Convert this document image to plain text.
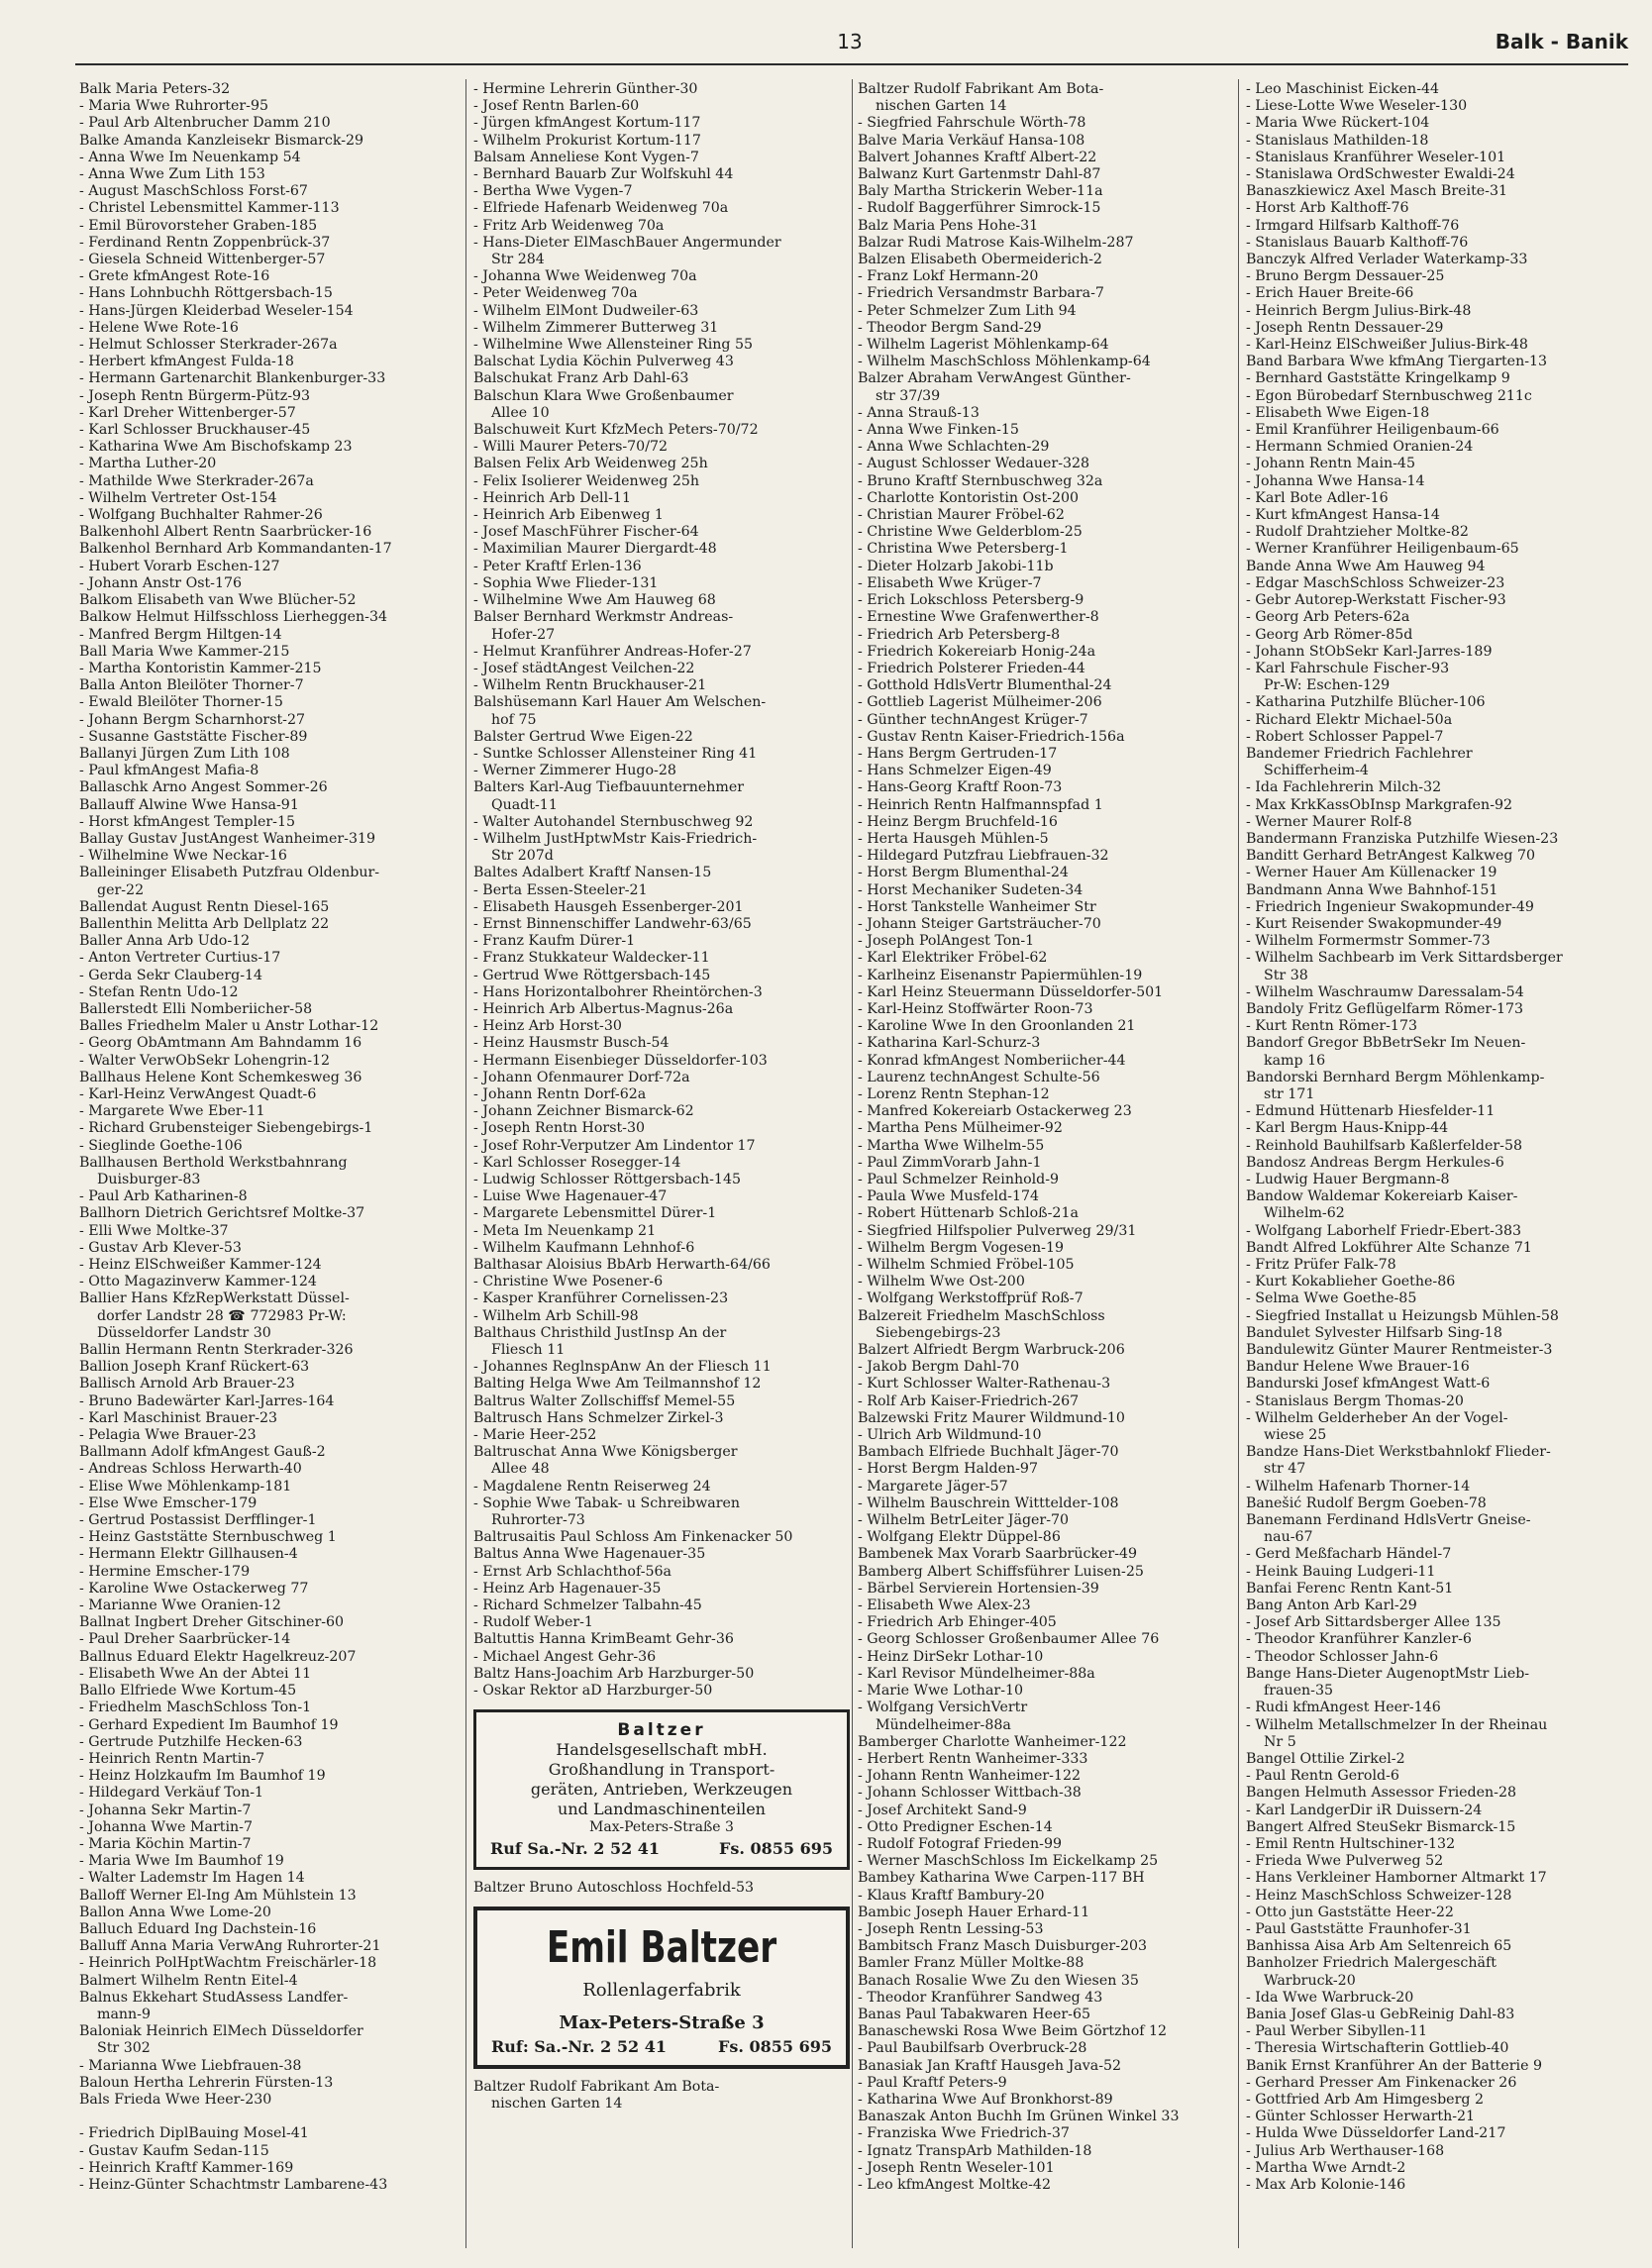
13	Balk - Banik
Balk Maria Peters-32
- Maria Wwe Ruhrorter-95
- Paul Arb Altenbrucher Damm 210
Balke Amanda Kanzleisekr Bismarck-29
- Anna Wwe Im Neuenkamp 54
- Anna Wwe Zum Lith 153
- August MaschSchloss Forst-67
- Christel Lebensmittel Kammer-113
- Emil Bürovorsteher Graben-185
- Ferdinand Rentn Zoppenbrück-37
- Giesela Schneid Wittenberger-57
- Grete kfmAngest Rote-16
- Hans Lohnbuchh Röttgersbach-15
- Hans-Jürgen Kleiderbad Weseler-154
- Helene Wwe Rote-16
- Helmut Schlosser Sterkrader-267a
- Herbert kfmAngest Fulda-18
- Hermann Gartenarchit Blankenburger-33
- Joseph Rentn Bürgerm-Pütz-93
- Karl Dreher Wittenberger-57
- Karl Schlosser Bruckhauser-45
- Katharina Wwe Am Bischofskamp 23
- Martha Luther-20
- Mathilde Wwe Sterkrader-267a
- Wilhelm Vertreter Ost-154
- Wolfgang Buchhalter Rahmer-26
Balkenhohl Albert Rentn Saarbrücker-16
Balkenhol Bernhard Arb Kommandanten-17
- Hubert Vorarb Eschen-127
- Johann Anstr Ost-176
Balkom Elisabeth van Wwe Blücher-52
Balkow Helmut Hilfsschloss Lierheggen-34
- Manfred Bergm Hiltgen-14
Ball Maria Wwe Kammer-215
- Martha Kontoristin Kammer-215
Balla Anton Bleilöter Thorner-7
- Ewald Bleilöter Thorner-15
- Johann Bergm Scharnhorst-27
- Susanne Gaststätte Fischer-89
Ballanyi Jürgen Zum Lith 108
- Paul kfmAngest Mafia-8
Ballaschk Arno Angest Sommer-26
Ballauff Alwine Wwe Hansa-91
- Horst kfmAngest Templer-15
Ballay Gustav JustAngest Wanheimer-319
- Wilhelmine Wwe Neckar-16
Balleininger Elisabeth Putzfrau Oldenbur-
ger-22
Ballendat August Rentn Diesel-165
Ballenthin Melitta Arb Dellplatz 22
Baller Anna Arb Udo-12
- Anton Vertreter Curtius-17
- Gerda Sekr Clauberg-14
- Stefan Rentn Udo-12
Ballerstedt Elli Nomberiicher-58
Balles Friedhelm Maler u Anstr Lothar-12
- Georg ObAmtmann Am Bahndamm 16
- Walter VerwObSekr Lohengrin-12
Ballhaus Helene Kont Schemkesweg 36
- Karl-Heinz VerwAngest Quadt-6
- Margarete Wwe Eber-11
- Richard Grubensteiger Siebengebirgs-1
- Sieglinde Goethe-106
Ballhausen Berthold Werkstbahnrang
Duisburger-83
- Paul Arb Katharinen-8
Ballhorn Dietrich Gerichtsref Moltke-37
- Elli Wwe Moltke-37
- Gustav Arb Klever-53
- Heinz ElSchweißer Kammer-124
- Otto Magazinverw Kammer-124
Ballier Hans KfzRepWerkstatt Düssel-
dorfer Landstr 28 ☎ 772983 Pr-W:
Düsseldorfer Landstr 30
Ballin Hermann Rentn Sterkrader-326
Ballion Joseph Kranf Rückert-63
Ballisch Arnold Arb Brauer-23
- Bruno Badewärter Karl-Jarres-164
- Karl Maschinist Brauer-23
- Pelagia Wwe Brauer-23
Ballmann Adolf kfmAngest Gauß-2
- Andreas Schloss Herwarth-40
- Elise Wwe Möhlenkamp-181
- Else Wwe Emscher-179
- Gertrud Postassist Derfflinger-1
- Heinz Gaststätte Sternbuschweg 1
- Hermann Elektr Gillhausen-4
- Hermine Emscher-179
- Karoline Wwe Ostackerweg 77
- Marianne Wwe Oranien-12
Ballnat Ingbert Dreher Gitschiner-60
- Paul Dreher Saarbrücker-14
Ballnus Eduard Elektr Hagelkreuz-207
- Elisabeth Wwe An der Abtei 11
Ballo Elfriede Wwe Kortum-45
- Friedhelm MaschSchloss Ton-1
- Gerhard Expedient Im Baumhof 19
- Gertrude Putzhilfe Hecken-63
- Heinrich Rentn Martin-7
- Heinz Holzkaufm Im Baumhof 19
- Hildegard Verkäuf Ton-1
- Johanna Sekr Martin-7
- Johanna Wwe Martin-7
- Maria Köchin Martin-7
- Maria Wwe Im Baumhof 19
- Walter Lademstr Im Hagen 14
Balloff Werner El-Ing Am Mühlstein 13
Ballon Anna Wwe Lome-20
Balluch Eduard Ing Dachstein-16
Balluff Anna Maria VerwAng Ruhrorter-21
- Heinrich PolHptWachtm Freischärler-18
Balmert Wilhelm Rentn Eitel-4
Balnus Ekkehart StudAssess Landfer-
mann-9
Baloniak Heinrich ElMech Düsseldorfer
Str 302
- Marianna Wwe Liebfrauen-38
Baloun Hertha Lehrerin Fürsten-13
Bals Frieda Wwe Heer-230

- Friedrich DiplBauing Mosel-41
- Gustav Kaufm Sedan-115
- Heinrich Kraftf Kammer-169
- Heinz-Günter Schachtmstr Lambarene-43
- Hermine Lehrerin Günther-30
- Josef Rentn Barlen-60
- Jürgen kfmAngest Kortum-117
- Wilhelm Prokurist Kortum-117
Balsam Anneliese Kont Vygen-7
- Bernhard Bauarb Zur Wolfskuhl 44
- Bertha Wwe Vygen-7
- Elfriede Hafenarb Weidenweg 70a
- Fritz Arb Weidenweg 70a
- Hans-Dieter ElMaschBauer Angermunder
Str 284
- Johanna Wwe Weidenweg 70a
- Peter Weidenweg 70a
- Wilhelm ElMont Dudweiler-63
- Wilhelm Zimmerer Butterweg 31
- Wilhelmine Wwe Allensteiner Ring 55
Balschat Lydia Köchin Pulverweg 43
Balschukat Franz Arb Dahl-63
Balschun Klara Wwe Großenbaumer
Allee 10
Balschuweit Kurt KfzMech Peters-70/72
- Willi Maurer Peters-70/72
Balsen Felix Arb Weidenweg 25h
- Felix Isolierer Weidenweg 25h
- Heinrich Arb Dell-11
- Heinrich Arb Eibenweg 1
- Josef MaschFührer Fischer-64
- Maximilian Maurer Diergardt-48
- Peter Kraftf Erlen-136
- Sophia Wwe Flieder-131
- Wilhelmine Wwe Am Hauweg 68
Balser Bernhard Werkmstr Andreas-
Hofer-27
- Helmut Kranführer Andreas-Hofer-27
- Josef städtAngest Veilchen-22
- Wilhelm Rentn Bruckhauser-21
Balshüsemann Karl Hauer Am Welschen-
hof 75
Balster Gertrud Wwe Eigen-22
- Suntke Schlosser Allensteiner Ring 41
- Werner Zimmerer Hugo-28
Balters Karl-Aug Tiefbauunternehmer
Quadt-11
- Walter Autohandel Sternbuschweg 92
- Wilhelm JustHptwMstr Kais-Friedrich-
Str 207d
Baltes Adalbert Kraftf Nansen-15
- Berta Essen-Steeler-21
- Elisabeth Hausgeh Essenberger-201
- Ernst Binnenschiffer Landwehr-63/65
- Franz Kaufm Dürer-1
- Franz Stukkateur Waldecker-11
- Gertrud Wwe Röttgersbach-145
- Hans Horizontalbohrer Rheintörchen-3
- Heinrich Arb Albertus-Magnus-26a
- Heinz Arb Horst-30
- Heinz Hausmstr Busch-54
- Hermann Eisenbieger Düsseldorfer-103
- Johann Ofenmaurer Dorf-72a
- Johann Rentn Dorf-62a
- Johann Zeichner Bismarck-62
- Joseph Rentn Horst-30
- Josef Rohr-Verputzer Am Lindentor 17
- Karl Schlosser Rosegger-14
- Ludwig Schlosser Röttgersbach-145
- Luise Wwe Hagenauer-47
- Margarete Lebensmittel Dürer-1
- Meta Im Neuenkamp 21
- Wilhelm Kaufmann Lehnhof-6
Balthasar Aloisius BbArb Herwarth-64/66
- Christine Wwe Posener-6
- Kasper Kranführer Cornelissen-23
- Wilhelm Arb Schill-98
Balthaus Christhild JustInsp An der
Fliesch 11
- Johannes ReglnspAnw An der Fliesch 11
Balting Helga Wwe Am Teilmannshof 12
Baltrus Walter Zollschiffsf Memel-55
Baltrusch Hans Schmelzer Zirkel-3
- Marie Heer-252
Baltruschat Anna Wwe Königsberger
Allee 48
- Magdalene Rentn Reiserweg 24
- Sophie Wwe Tabak- u Schreibwaren
Ruhrorter-73
Baltrusaitis Paul Schloss Am Finkenacker 50
Baltus Anna Wwe Hagenauer-35
- Ernst Arb Schlachthof-56a
- Heinz Arb Hagenauer-35
- Richard Schmelzer Talbahn-45
- Rudolf Weber-1
Baltuttis Hanna KrimBeamt Gehr-36
- Michael Angest Gehr-36
Baltz Hans-Joachim Arb Harzburger-50
- Oskar Rektor aD Harzburger-50
Baltzer
Handelsgesellschaft mbH.
Großhandlung in Transport-
geräten, Antrieben, Werkzeugen
und Landmaschinenteilen
Max-Peters-Straße 3
Ruf Sa.-Nr. 2 52 41	Fs. 0855 695
Baltzer Bruno Autoschloss Hochfeld-53
Emil Baltzer
Rollenlagerfabrik
Max-Peters-Straße 3
Ruf: Sa.-Nr. 2 52 41	Fs. 0855 695
Baltzer Rudolf Fabrikant Am Bota-
nischen Garten 14
Baltzer Rudolf Fabrikant Am Bota-
nischen Garten 14
- Siegfried Fahrschule Wörth-78
Balve Maria Verkäuf Hansa-108
Balvert Johannes Kraftf Albert-22
Balwanz Kurt Gartenmstr Dahl-87
Baly Martha Strickerin Weber-11a
- Rudolf Baggerführer Simrock-15
Balz Maria Pens Hohe-31
Balzar Rudi Matrose Kais-Wilhelm-287
Balzen Elisabeth Obermeiderich-2
- Franz Lokf Hermann-20
- Friedrich Versandmstr Barbara-7
- Peter Schmelzer Zum Lith 94
- Theodor Bergm Sand-29
- Wilhelm Lagerist Möhlenkamp-64
- Wilhelm MaschSchloss Möhlenkamp-64
Balzer Abraham VerwAngest Günther-
str 37/39
- Anna Strauß-13
- Anna Wwe Finken-15
- Anna Wwe Schlachten-29
- August Schlosser Wedauer-328
- Bruno Kraftf Sternbuschweg 32a
- Charlotte Kontoristin Ost-200
- Christian Maurer Fröbel-62
- Christine Wwe Gelderblom-25
- Christina Wwe Petersberg-1
- Dieter Holzarb Jakobi-11b
- Elisabeth Wwe Krüger-7
- Erich Lokschloss Petersberg-9
- Ernestine Wwe Grafenwerther-8
- Friedrich Arb Petersberg-8
- Friedrich Kokereiarb Honig-24a
- Friedrich Polsterer Frieden-44
- Gotthold HdlsVertr Blumenthal-24
- Gottlieb Lagerist Mülheimer-206
- Günther technAngest Krüger-7
- Gustav Rentn Kaiser-Friedrich-156a
- Hans Bergm Gertruden-17
- Hans Schmelzer Eigen-49
- Hans-Georg Kraftf Roon-73
- Heinrich Rentn Halfmannspfad 1
- Heinz Bergm Bruchfeld-16
- Herta Hausgeh Mühlen-5
- Hildegard Putzfrau Liebfrauen-32
- Horst Bergm Blumenthal-24
- Horst Mechaniker Sudeten-34
- Horst Tankstelle Wanheimer Str
- Johann Steiger Gartsträucher-70
- Joseph PolAngest Ton-1
- Karl Elektriker Fröbel-62
- Karlheinz Eisenanstr Papiermühlen-19
- Karl Heinz Steuermann Düsseldorfer-501
- Karl-Heinz Stoffwärter Roon-73
- Karoline Wwe In den Groonlanden 21
- Katharina Karl-Schurz-3
- Konrad kfmAngest Nomberiicher-44
- Laurenz technAngest Schulte-56
- Lorenz Rentn Stephan-12
- Manfred Kokereiarb Ostackerweg 23
- Martha Pens Mülheimer-92
- Martha Wwe Wilhelm-55
- Paul ZimmVorarb Jahn-1
- Paul Schmelzer Reinhold-9
- Paula Wwe Musfeld-174
- Robert Hüttenarb Schloß-21a
- Siegfried Hilfspolier Pulverweg 29/31
- Wilhelm Bergm Vogesen-19
- Wilhelm Schmied Fröbel-105
- Wilhelm Wwe Ost-200
- Wolfgang Werkstoffprüf Roß-7
Balzereit Friedhelm MaschSchloss
Siebengebirgs-23
Balzert Alfriedt Bergm Warbruck-206
- Jakob Bergm Dahl-70
- Kurt Schlosser Walter-Rathenau-3
- Rolf Arb Kaiser-Friedrich-267
Balzewski Fritz Maurer Wildmund-10
- Ulrich Arb Wildmund-10
Bambach Elfriede Buchhalt Jäger-70
- Horst Bergm Halden-97
- Margarete Jäger-57
- Wilhelm Bauschrein Witttelder-108
- Wilhelm BetrLeiter Jäger-70
- Wolfgang Elektr Düppel-86
Bambenek Max Vorarb Saarbrücker-49
Bamberg Albert Schiffsführer Luisen-25
- Bärbel Servierein Hortensien-39
- Elisabeth Wwe Alex-23
- Friedrich Arb Ehinger-405
- Georg Schlosser Großenbaumer Allee 76
- Heinz DirSekr Lothar-10
- Karl Revisor Mündelheimer-88a
- Marie Wwe Lothar-10
- Wolfgang VersichVertr
Mündelheimer-88a
Bamberger Charlotte Wanheimer-122
- Herbert Rentn Wanheimer-333
- Johann Rentn Wanheimer-122
- Johann Schlosser Wittbach-38
- Josef Architekt Sand-9
- Otto Predigner Eschen-14
- Rudolf Fotograf Frieden-99
- Werner MaschSchloss Im Eickelkamp 25
Bambey Katharina Wwe Carpen-117 BH
- Klaus Kraftf Bambury-20
Bambic Joseph Hauer Erhard-11
- Joseph Rentn Lessing-53
Bambitsch Franz Masch Duisburger-203
Bamler Franz Müller Moltke-88
Banach Rosalie Wwe Zu den Wiesen 35
- Theodor Kranführer Sandweg 43
Banas Paul Tabakwaren Heer-65
Banaschewski Rosa Wwe Beim Görtzhof 12
- Paul Baubilfsarb Overbruck-28
Banasiak Jan Kraftf Hausgeh Java-52
- Paul Kraftf Peters-9
- Katharina Wwe Auf Bronkhorst-89
Banaszak Anton Buchh Im Grünen Winkel 33
- Franziska Wwe Friedrich-37
- Ignatz TranspArb Mathilden-18
- Joseph Rentn Weseler-101
- Leo kfmAngest Moltke-42
- Leo Maschinist Eicken-44
- Liese-Lotte Wwe Weseler-130
- Maria Wwe Rückert-104
- Stanislaus Mathilden-18
- Stanislaus Kranführer Weseler-101
- Stanislawa OrdSchwester Ewaldi-24
Banaszkiewicz Axel Masch Breite-31
- Horst Arb Kalthoff-76
- Irmgard Hilfsarb Kalthoff-76
- Stanislaus Bauarb Kalthoff-76
Banczyk Alfred Verlader Waterkamp-33
- Bruno Bergm Dessauer-25
- Erich Hauer Breite-66
- Heinrich Bergm Julius-Birk-48
- Joseph Rentn Dessauer-29
- Karl-Heinz ElSchweißer Julius-Birk-48
Band Barbara Wwe kfmAng Tiergarten-13
- Bernhard Gaststätte Kringelkamp 9
- Egon Bürobedarf Sternbuschweg 211c
- Elisabeth Wwe Eigen-18
- Emil Kranführer Heiligenbaum-66
- Hermann Schmied Oranien-24
- Johann Rentn Main-45
- Johanna Wwe Hansa-14
- Karl Bote Adler-16
- Kurt kfmAngest Hansa-14
- Rudolf Drahtzieher Moltke-82
- Werner Kranführer Heiligenbaum-65
Bande Anna Wwe Am Hauweg 94
- Edgar MaschSchloss Schweizer-23
- Gebr Autorep-Werkstatt Fischer-93
- Georg Arb Peters-62a
- Georg Arb Römer-85d
- Johann StObSekr Karl-Jarres-189
- Karl Fahrschule Fischer-93
Pr-W: Eschen-129
- Katharina Putzhilfe Blücher-106
- Richard Elektr Michael-50a
- Robert Schlosser Pappel-7
Bandemer Friedrich Fachlehrer
Schifferheim-4
- Ida Fachlehrerin Milch-32
- Max KrkKassObInsp Markgrafen-92
- Werner Maurer Rolf-8
Bandermann Franziska Putzhilfe Wiesen-23
Banditt Gerhard BetrAngest Kalkweg 70
- Werner Hauer Am Küllenacker 19
Bandmann Anna Wwe Bahnhof-151
- Friedrich Ingenieur Swakopmunder-49
- Kurt Reisender Swakopmunder-49
- Wilhelm Formermstr Sommer-73
- Wilhelm Sachbearb im Verk Sittardsberger
Str 38
- Wilhelm Waschraumw Daressalam-54
Bandoly Fritz Geflügelfarm Römer-173
- Kurt Rentn Römer-173
Bandorf Gregor BbBetrSekr Im Neuen-
kamp 16
Bandorski Bernhard Bergm Möhlenkamp-
str 171
- Edmund Hüttenarb Hiesfelder-11
- Karl Bergm Haus-Knipp-44
- Reinhold Bauhilfsarb Kaßlerfelder-58
Bandosz Andreas Bergm Herkules-6
- Ludwig Hauer Bergmann-8
Bandow Waldemar Kokereiarb Kaiser-
Wilhelm-62
- Wolfgang Laborhelf Friedr-Ebert-383
Bandt Alfred Lokführer Alte Schanze 71
- Fritz Prüfer Falk-78
- Kurt Kokablieher Goethe-86
- Selma Wwe Goethe-85
- Siegfried Installat u Heizungsb Mühlen-58
Bandulet Sylvester Hilfsarb Sing-18
Bandulewitz Günter Maurer Rentmeister-3
Bandur Helene Wwe Brauer-16
Bandurski Josef kfmAngest Watt-6
- Stanislaus Bergm Thomas-20
- Wilhelm Gelderheber An der Vogel-
wiese 25
Bandze Hans-Diet Werkstbahnlokf Flieder-
str 47
- Wilhelm Hafenarb Thorner-14
Banešić Rudolf Bergm Goeben-78
Banemann Ferdinand HdlsVertr Gneise-
nau-67
- Gerd Meßfacharb Händel-7
- Heink Bauing Ludgeri-11
Banfai Ferenc Rentn Kant-51
Bang Anton Arb Karl-29
- Josef Arb Sittardsberger Allee 135
- Theodor Kranführer Kanzler-6
- Theodor Schlosser Jahn-6
Bange Hans-Dieter AugenoptMstr Lieb-
frauen-35
- Rudi kfmAngest Heer-146
- Wilhelm Metallschmelzer In der Rheinau
Nr 5
Bangel Ottilie Zirkel-2
- Paul Rentn Gerold-6
Bangen Helmuth Assessor Frieden-28
- Karl LandgerDir iR Duissern-24
Bangert Alfred SteuSekr Bismarck-15
- Emil Rentn Hultschiner-132
- Frieda Wwe Pulverweg 52
- Hans Verkleiner Hamborner Altmarkt 17
- Heinz MaschSchloss Schweizer-128
- Otto jun Gaststätte Heer-22
- Paul Gaststätte Fraunhofer-31
Banhissa Aisa Arb Am Seltenreich 65
Banholzer Friedrich Malergeschäft
Warbruck-20
- Ida Wwe Warbruck-20
Bania Josef Glas-u GebReinig Dahl-83
- Paul Werber Sibyllen-11
- Theresia Wirtschafterin Gottlieb-40
Banik Ernst Kranführer An der Batterie 9
- Gerhard Presser Am Finkenacker 26
- Gottfried Arb Am Himgesberg 2
- Günter Schlosser Herwarth-21
- Hulda Wwe Düsseldorfer Land-217
- Julius Arb Werthauser-168
- Martha Wwe Arndt-2
- Max Arb Kolonie-146
